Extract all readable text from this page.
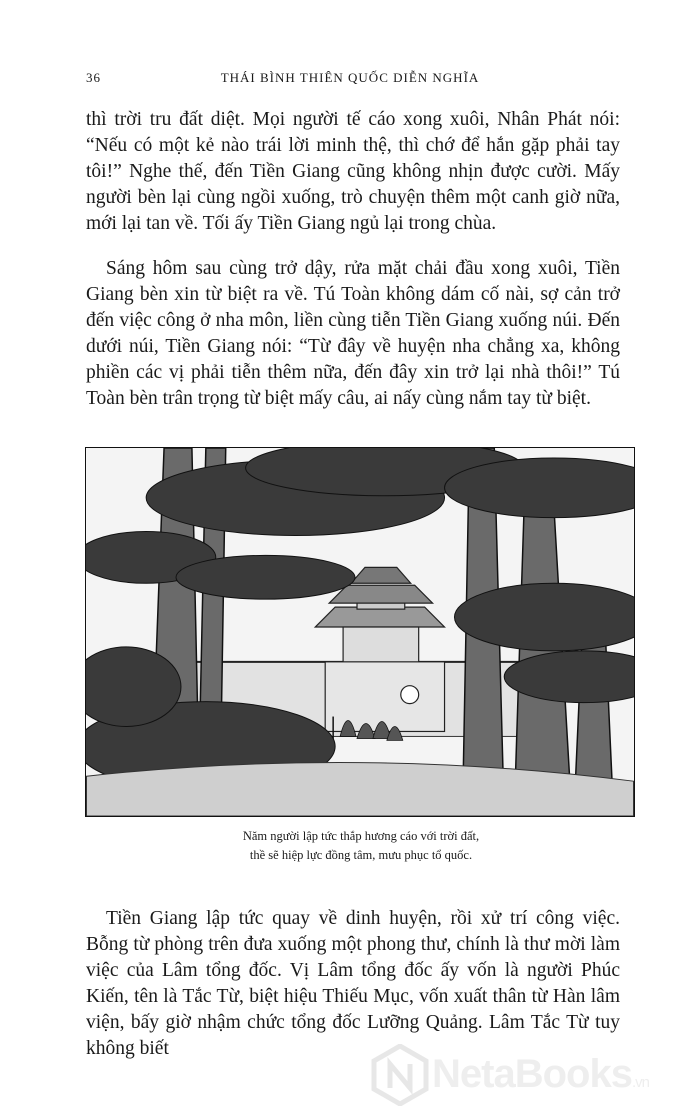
36	THÁI BÌNH THIÊN QUỐC DIỄN NGHĨA

thì trời tru đất diệt. Mọi người tế cáo xong xuôi, Nhân Phát nói: “Nếu có một kẻ nào trái lời minh thệ, thì chớ để hắn gặp phải tay tôi!” Nghe thế, đến Tiền Giang cũng không nhịn được cười. Mấy người bèn lại cùng ngồi xuống, trò chuyện thêm một canh giờ nữa, mới lại tan về. Tối ấy Tiền Giang ngủ lại trong chùa.

Sáng hôm sau cùng trở dậy, rửa mặt chải đầu xong xuôi, Tiền Giang bèn xin từ biệt ra về. Tú Toàn không dám cố nài, sợ cản trở đến việc công ở nha môn, liền cùng tiễn Tiền Giang xuống núi. Đến dưới núi, Tiền Giang nói: “Từ đây về huyện nha chẳng xa, không phiền các vị phải tiễn thêm nữa, đến đây xin trở lại nhà thôi!” Tú Toàn bèn trân trọng từ biệt mấy câu, ai nấy cùng nắm tay từ biệt.

Năm người lập tức thắp hương cáo với trời đất,
thề sẽ hiệp lực đồng tâm, mưu phục tổ quốc.

Tiền Giang lập tức quay về dinh huyện, rồi xử trí công việc. Bỗng từ phòng trên đưa xuống một phong thư, chính là thư mời làm việc của Lâm tổng đốc. Vị Lâm tổng đốc ấy vốn là người Phúc Kiến, tên là Tắc Từ, biệt hiệu Thiếu Mục, vốn xuất thân từ Hàn lâm viện, bấy giờ nhậm chức tổng đốc Lưỡng Quảng. Lâm Tắc Từ tuy không biết

NetaBooks.vn
